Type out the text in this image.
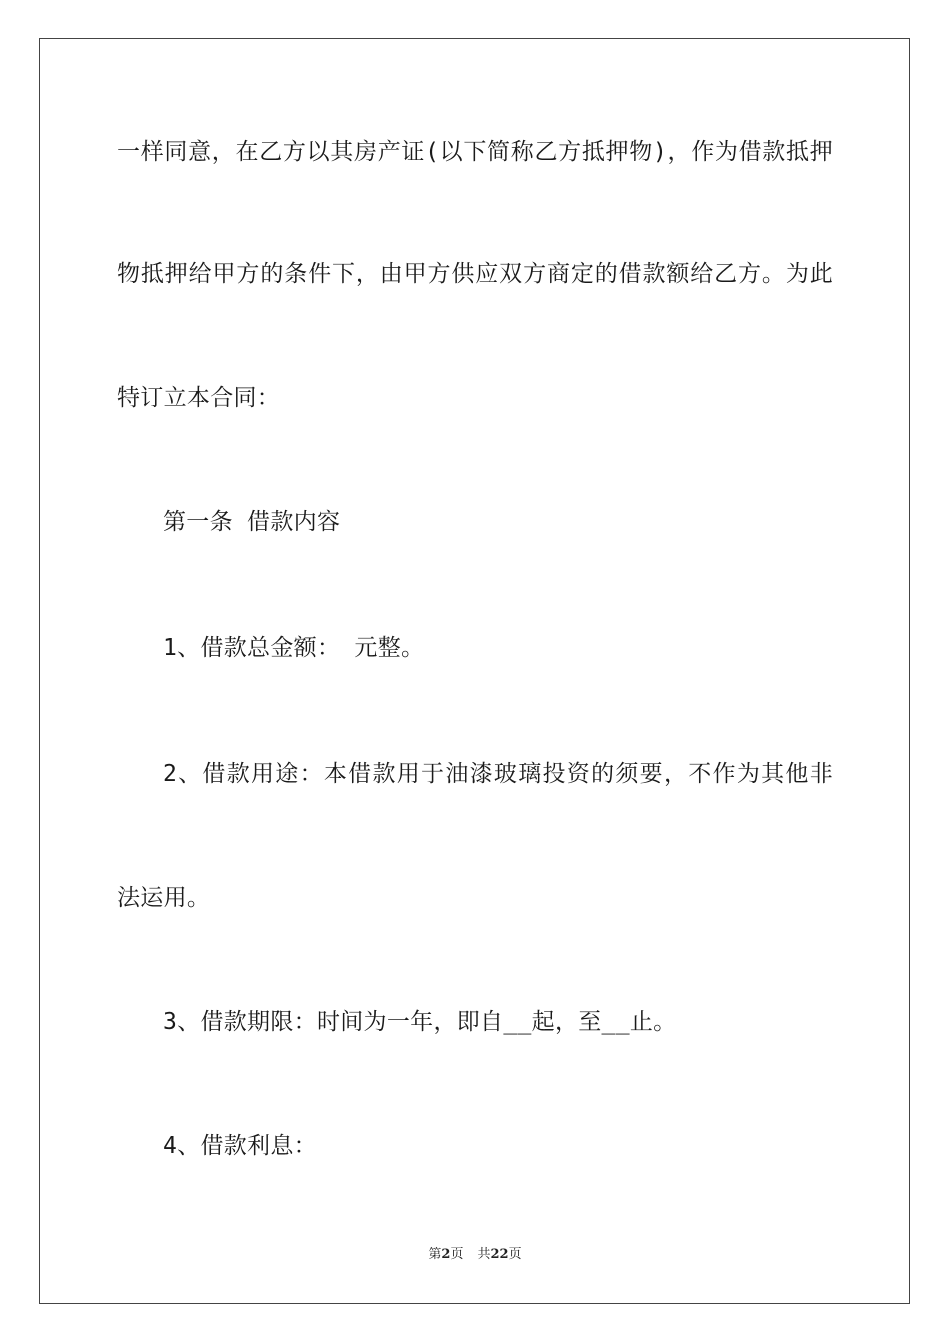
一样同意，在乙方以其房产证(以下简称乙方抵押物)，作为借款抵押
物抵押给甲方的条件下，由甲方供应双方商定的借款额给乙方。为此
特订立本合同：
第一条 借款内容
1、借款总金额： 元整。
2、借款用途：本借款用于油漆玻璃投资的须要，不作为其他非
法运用。
3、借款期限：时间为一年，即自__起，至__止。
4、借款利息：
第2页 共22页
